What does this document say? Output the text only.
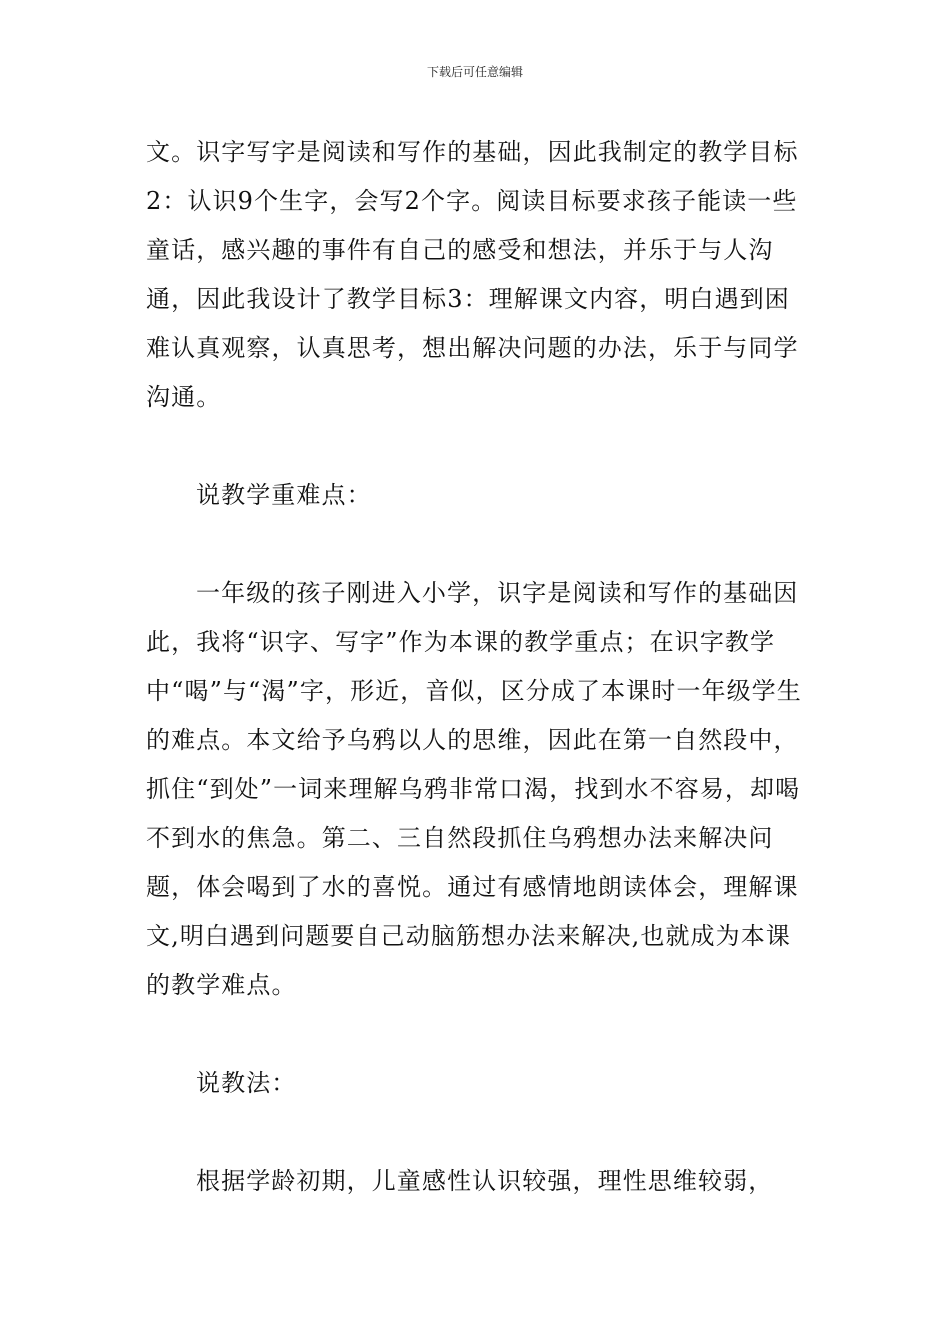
下载后可任意编辑

文。识字写字是阅读和写作的基础，因此我制定的教学目标2：认识9个生字，会写2个字。阅读目标要求孩子能读一些童话，感兴趣的事件有自己的感受和想法，并乐于与人沟通，因此我设计了教学目标3：理解课文内容，明白遇到困难认真观察，认真思考，想出解决问题的办法，乐于与同学沟通。

说教学重难点：

一年级的孩子刚进入小学，识字是阅读和写作的基础因此，我将“识字、写字”作为本课的教学重点；在识字教学中“喝”与“渴”字，形近，音似，区分成了本课时一年级学生的难点。本文给予乌鸦以人的思维，因此在第一自然段中，抓住“到处”一词来理解乌鸦非常口渴，找到水不容易，却喝不到水的焦急。第二、三自然段抓住乌鸦想办法来解决问题，体会喝到了水的喜悦。通过有感情地朗读体会，理解课文,明白遇到问题要自己动脑筋想办法来解决,也就成为本课的教学难点。

说教法：

根据学龄初期，儿童感性认识较强，理性思维较弱，
